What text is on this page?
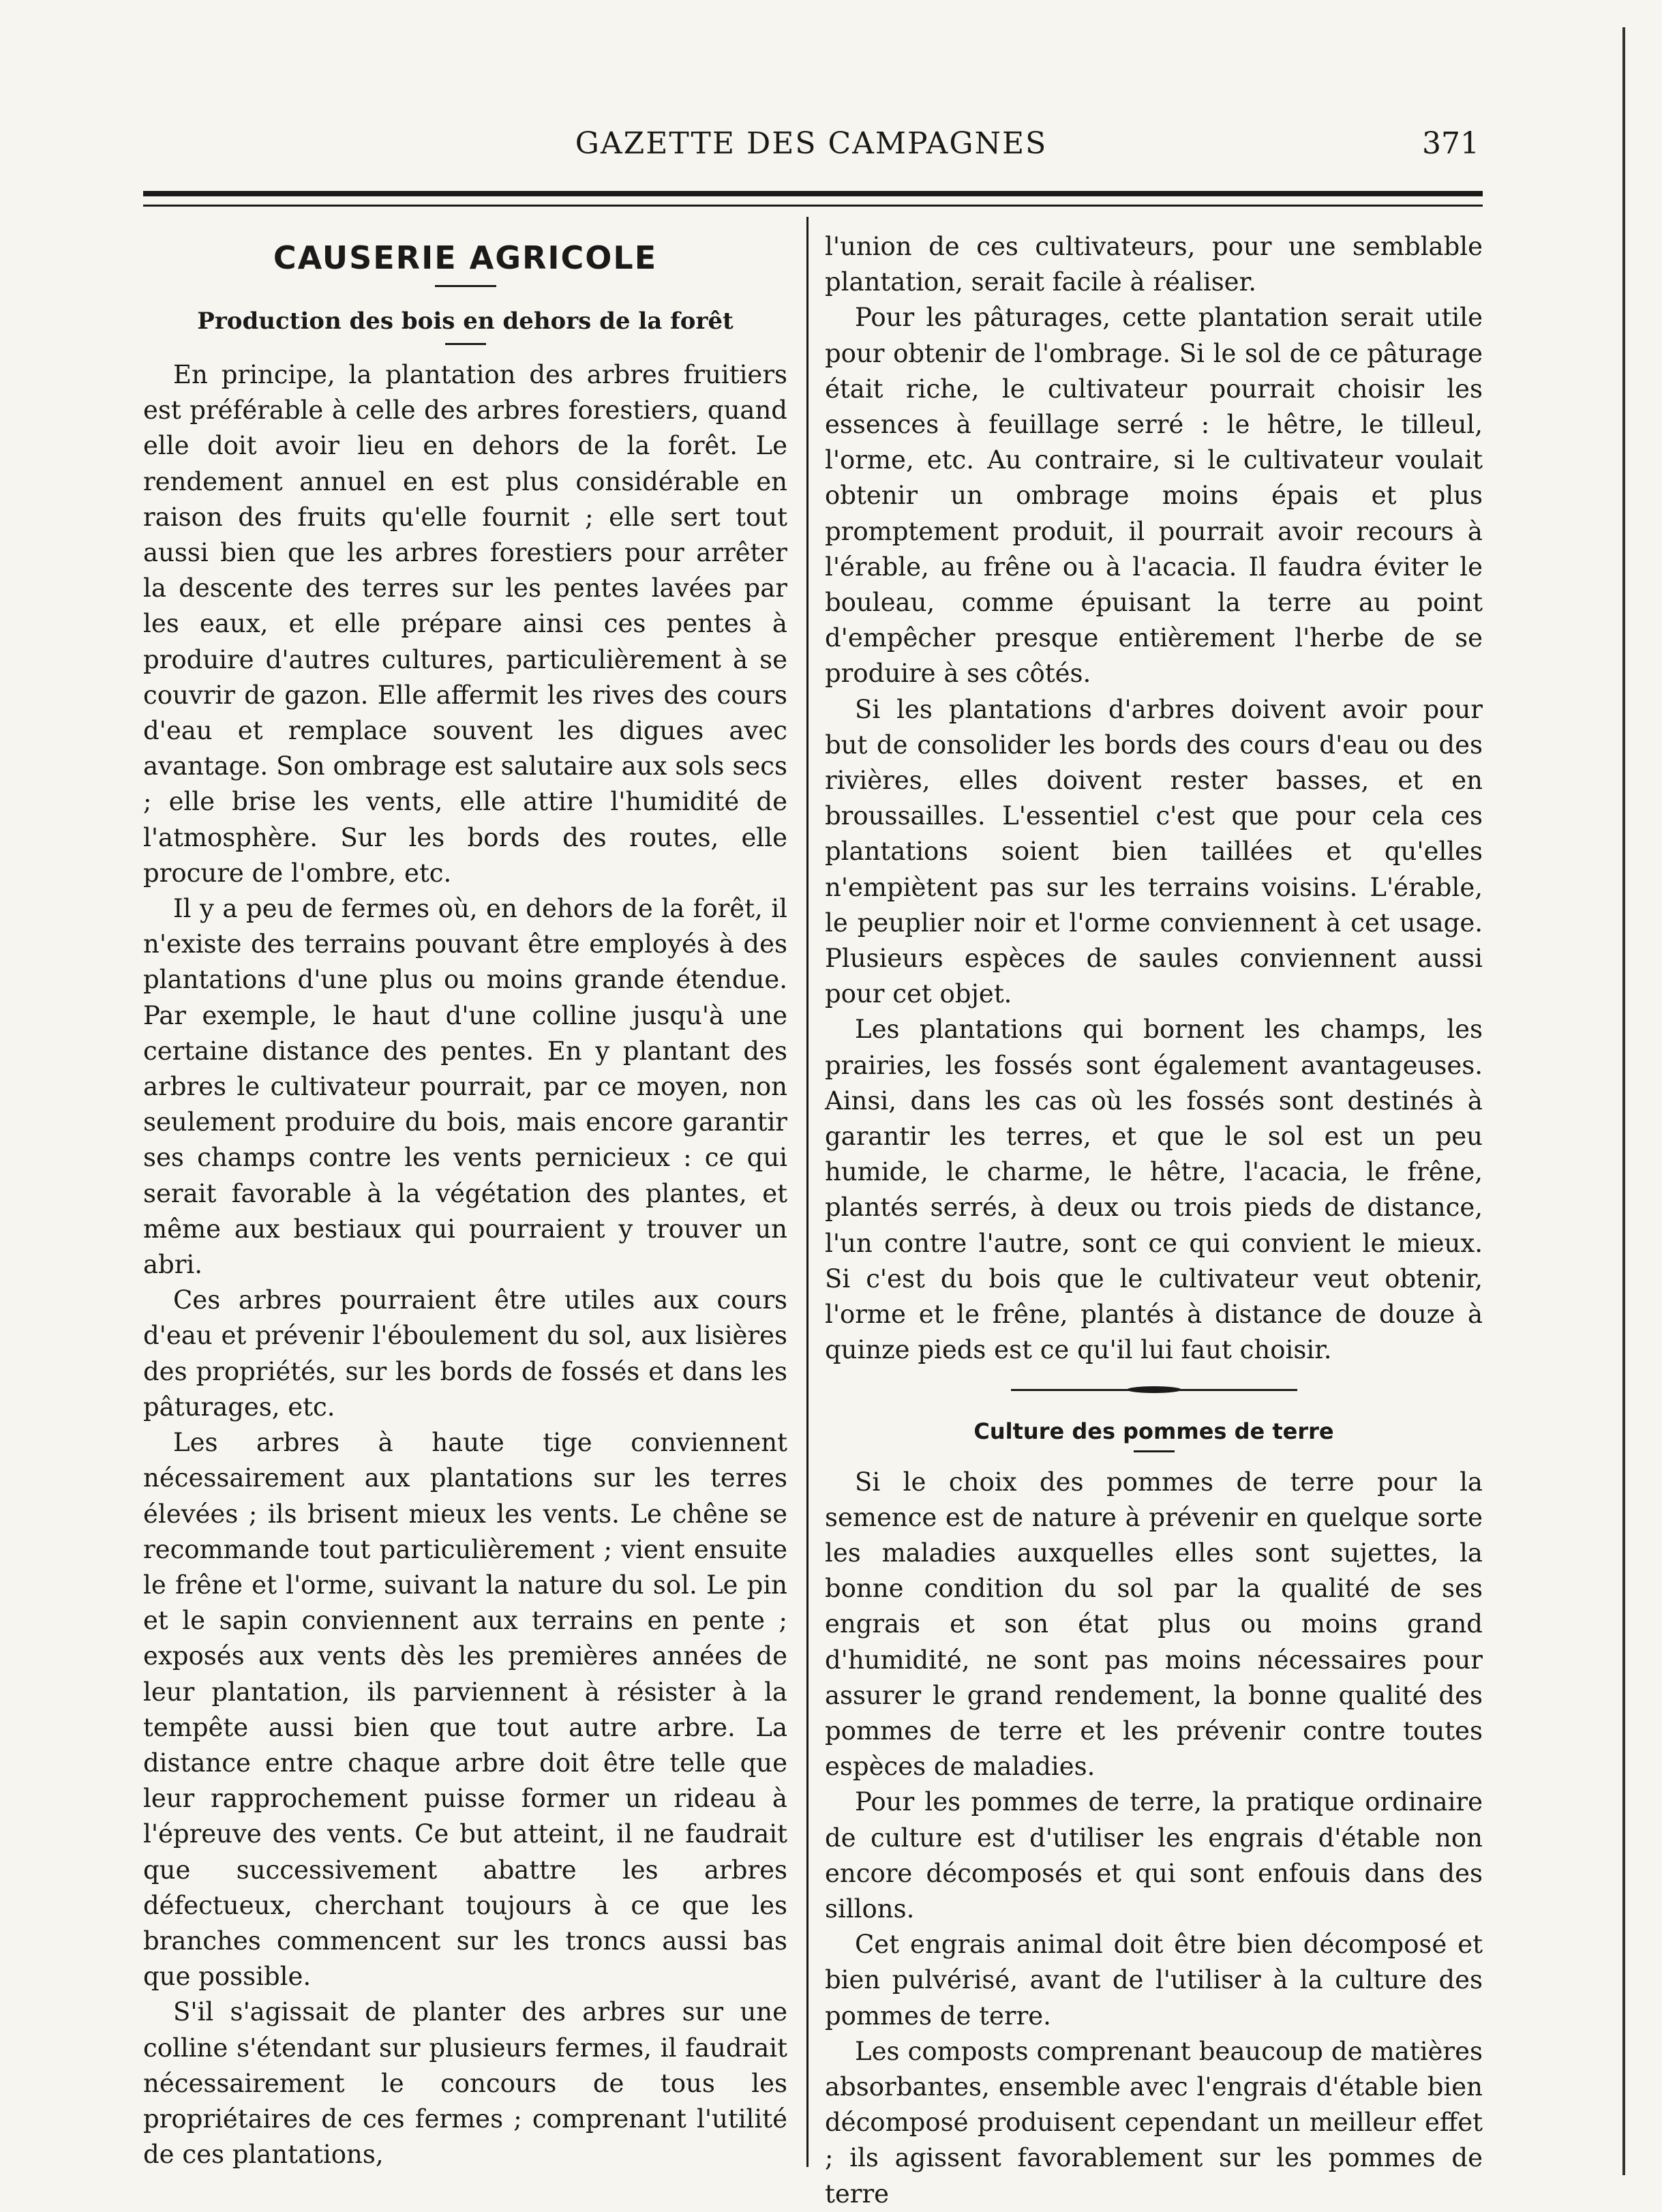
GAZETTE DES CAMPAGNES	371
CAUSERIE AGRICOLE
Production des bois en dehors de la forêt

En principe, la plantation des arbres fruitiers est préférable à celle des arbres forestiers, quand elle doit avoir lieu en dehors de la forêt. Le rendement annuel en est plus considérable en raison des fruits qu'elle fournit ; elle sert tout aussi bien que les arbres forestiers pour arrêter la descente des terres sur les pentes lavées par les eaux, et elle prépare ainsi ces pentes à produire d'autres cultures, particulièrement à se couvrir de gazon. Elle affermit les rives des cours d'eau et remplace souvent les digues avec avantage. Son ombrage est salutaire aux sols secs ; elle brise les vents, elle attire l'humidité de l'atmosphère. Sur les bords des routes, elle procure de l'ombre, etc.

Il y a peu de fermes où, en dehors de la forêt, il n'existe des terrains pouvant être employés à des plantations d'une plus ou moins grande étendue. Par exemple, le haut d'une colline jusqu'à une certaine distance des pentes. En y plantant des arbres le cultivateur pourrait, par ce moyen, non seulement produire du bois, mais encore garantir ses champs contre les vents pernicieux : ce qui serait favorable à la végétation des plantes, et même aux bestiaux qui pourraient y trouver un abri.

Ces arbres pourraient être utiles aux cours d'eau et prévenir l'éboulement du sol, aux lisières des propriétés, sur les bords de fossés et dans les pâturages, etc.

Les arbres à haute tige conviennent nécessairement aux plantations sur les terres élevées ; ils brisent mieux les vents. Le chêne se recommande tout particulièrement ; vient ensuite le frêne et l'orme, suivant la nature du sol. Le pin et le sapin conviennent aux terrains en pente ; exposés aux vents dès les premières années de leur plantation, ils parviennent à résister à la tempête aussi bien que tout autre arbre. La distance entre chaque arbre doit être telle que leur rapprochement puisse former un rideau à l'épreuve des vents. Ce but atteint, il ne faudrait que successivement abattre les arbres défectueux, cherchant toujours à ce que les branches commencent sur les troncs aussi bas que possible.

S'il s'agissait de planter des arbres sur une colline s'étendant sur plusieurs fermes, il faudrait nécessairement le concours de tous les propriétaires de ces fermes ; comprenant l'utilité de ces plantations,

l'union de ces cultivateurs, pour une semblable plantation, serait facile à réaliser.

Pour les pâturages, cette plantation serait utile pour obtenir de l'ombrage. Si le sol de ce pâturage était riche, le cultivateur pourrait choisir les essences à feuillage serré : le hêtre, le tilleul, l'orme, etc. Au contraire, si le cultivateur voulait obtenir un ombrage moins épais et plus promptement produit, il pourrait avoir recours à l'érable, au frêne ou à l'acacia. Il faudra éviter le bouleau, comme épuisant la terre au point d'empêcher presque entièrement l'herbe de se produire à ses côtés.

Si les plantations d'arbres doivent avoir pour but de consolider les bords des cours d'eau ou des rivières, elles doivent rester basses, et en broussailles. L'essentiel c'est que pour cela ces plantations soient bien taillées et qu'elles n'empiètent pas sur les terrains voisins. L'érable, le peuplier noir et l'orme conviennent à cet usage. Plusieurs espèces de saules conviennent aussi pour cet objet.

Les plantations qui bornent les champs, les prairies, les fossés sont également avantageuses. Ainsi, dans les cas où les fossés sont destinés à garantir les terres, et que le sol est un peu humide, le charme, le hêtre, l'acacia, le frêne, plantés serrés, à deux ou trois pieds de distance, l'un contre l'autre, sont ce qui convient le mieux. Si c'est du bois que le cultivateur veut obtenir, l'orme et le frêne, plantés à distance de douze à quinze pieds est ce qu'il lui faut choisir.

Culture des pommes de terre

Si le choix des pommes de terre pour la semence est de nature à prévenir en quelque sorte les maladies auxquelles elles sont sujettes, la bonne condition du sol par la qualité de ses engrais et son état plus ou moins grand d'humidité, ne sont pas moins nécessaires pour assurer le grand rendement, la bonne qualité des pommes de terre et les prévenir contre toutes espèces de maladies.

Pour les pommes de terre, la pratique ordinaire de culture est d'utiliser les engrais d'étable non encore décomposés et qui sont enfouis dans des sillons.

Cet engrais animal doit être bien décomposé et bien pulvérisé, avant de l'utiliser à la culture des pommes de terre.

Les composts comprenant beaucoup de matières absorbantes, ensemble avec l'engrais d'étable bien décomposé produisent cependant un meilleur effet ; ils agissent favorablement sur les pommes de terre
